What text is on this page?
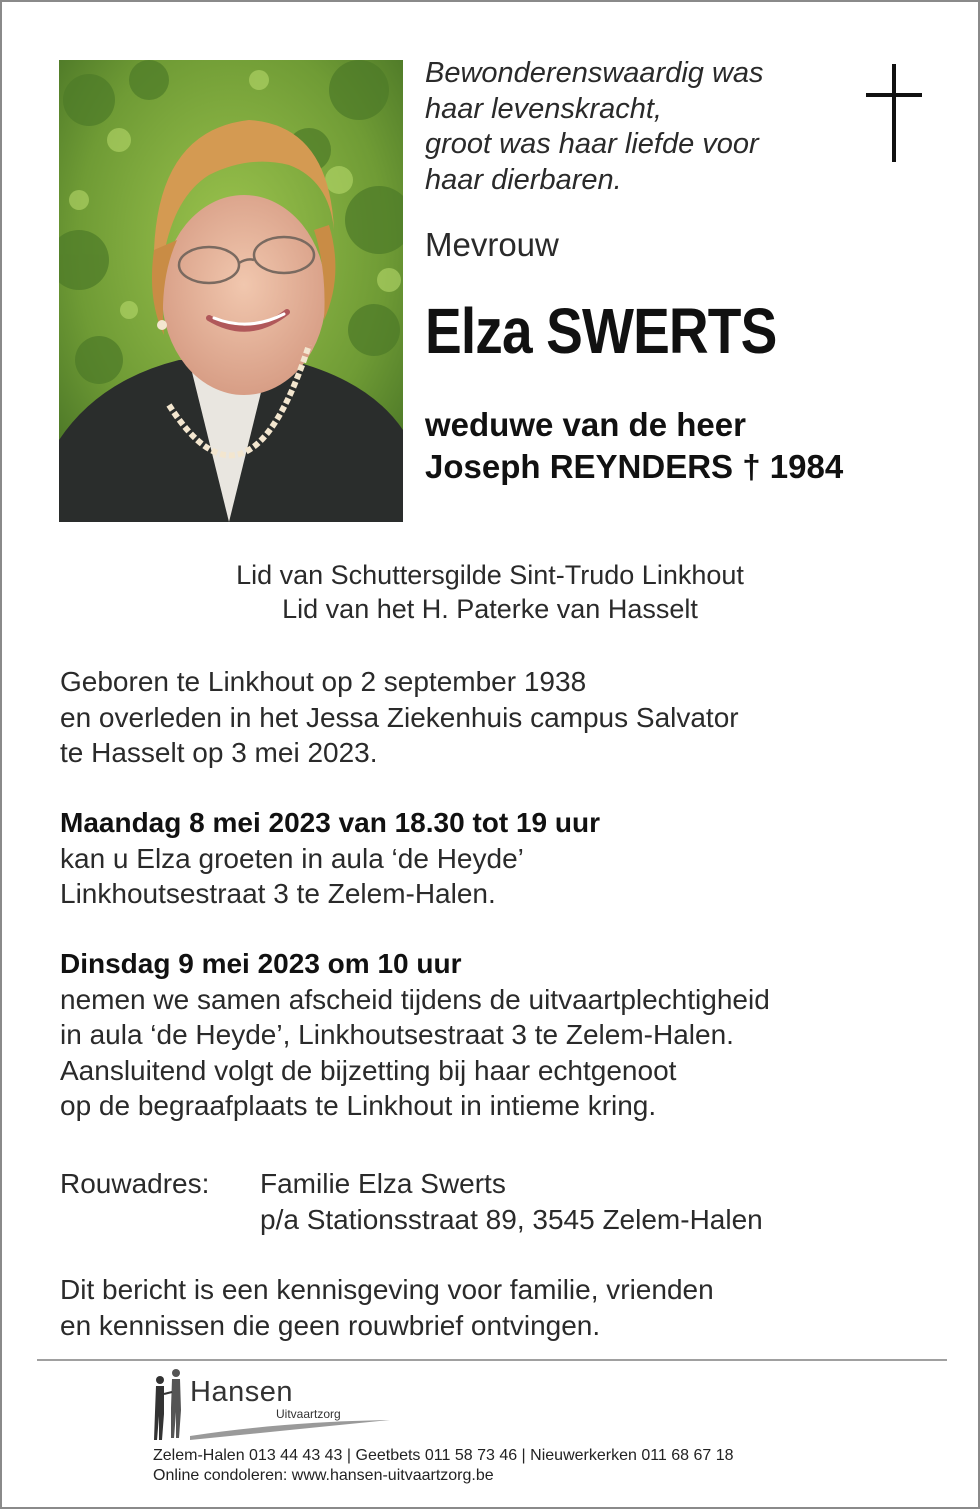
Bewonderenswaardig was
haar levenskracht,
groot was haar liefde voor
haar dierbaren.
Mevrouw
Elza SWERTS
weduwe van de heer
Joseph REYNDERS † 1984
Lid van Schuttersgilde Sint-Trudo Linkhout
Lid van het H. Paterke van Hasselt
Geboren te Linkhout op 2 september 1938
en overleden in het Jessa Ziekenhuis campus Salvator
te Hasselt op 3 mei 2023.
Maandag 8 mei 2023 van 18.30 tot 19 uur
kan u Elza groeten in aula ‘de Heyde’
Linkhoutsestraat 3 te Zelem-Halen.
Dinsdag 9 mei 2023 om 10 uur
nemen we samen afscheid tijdens de uitvaartplechtigheid
in aula ‘de Heyde’, Linkhoutsestraat 3 te Zelem-Halen.
Aansluitend volgt de bijzetting bij haar echtgenoot
op de begraafplaats te Linkhout in intieme kring.
Rouwadres: Familie Elza Swerts
p/a Stationsstraat 89, 3545 Zelem-Halen
Dit bericht is een kennisgeving voor familie, vrienden
en kennissen die geen rouwbrief ontvingen.
Hansen
Uitvaartzorg
Zelem-Halen 013 44 43 43 | Geetbets 011 58 73 46 | Nieuwerkerken 011 68 67 18
Online condoleren: www.hansen-uitvaartzorg.be
